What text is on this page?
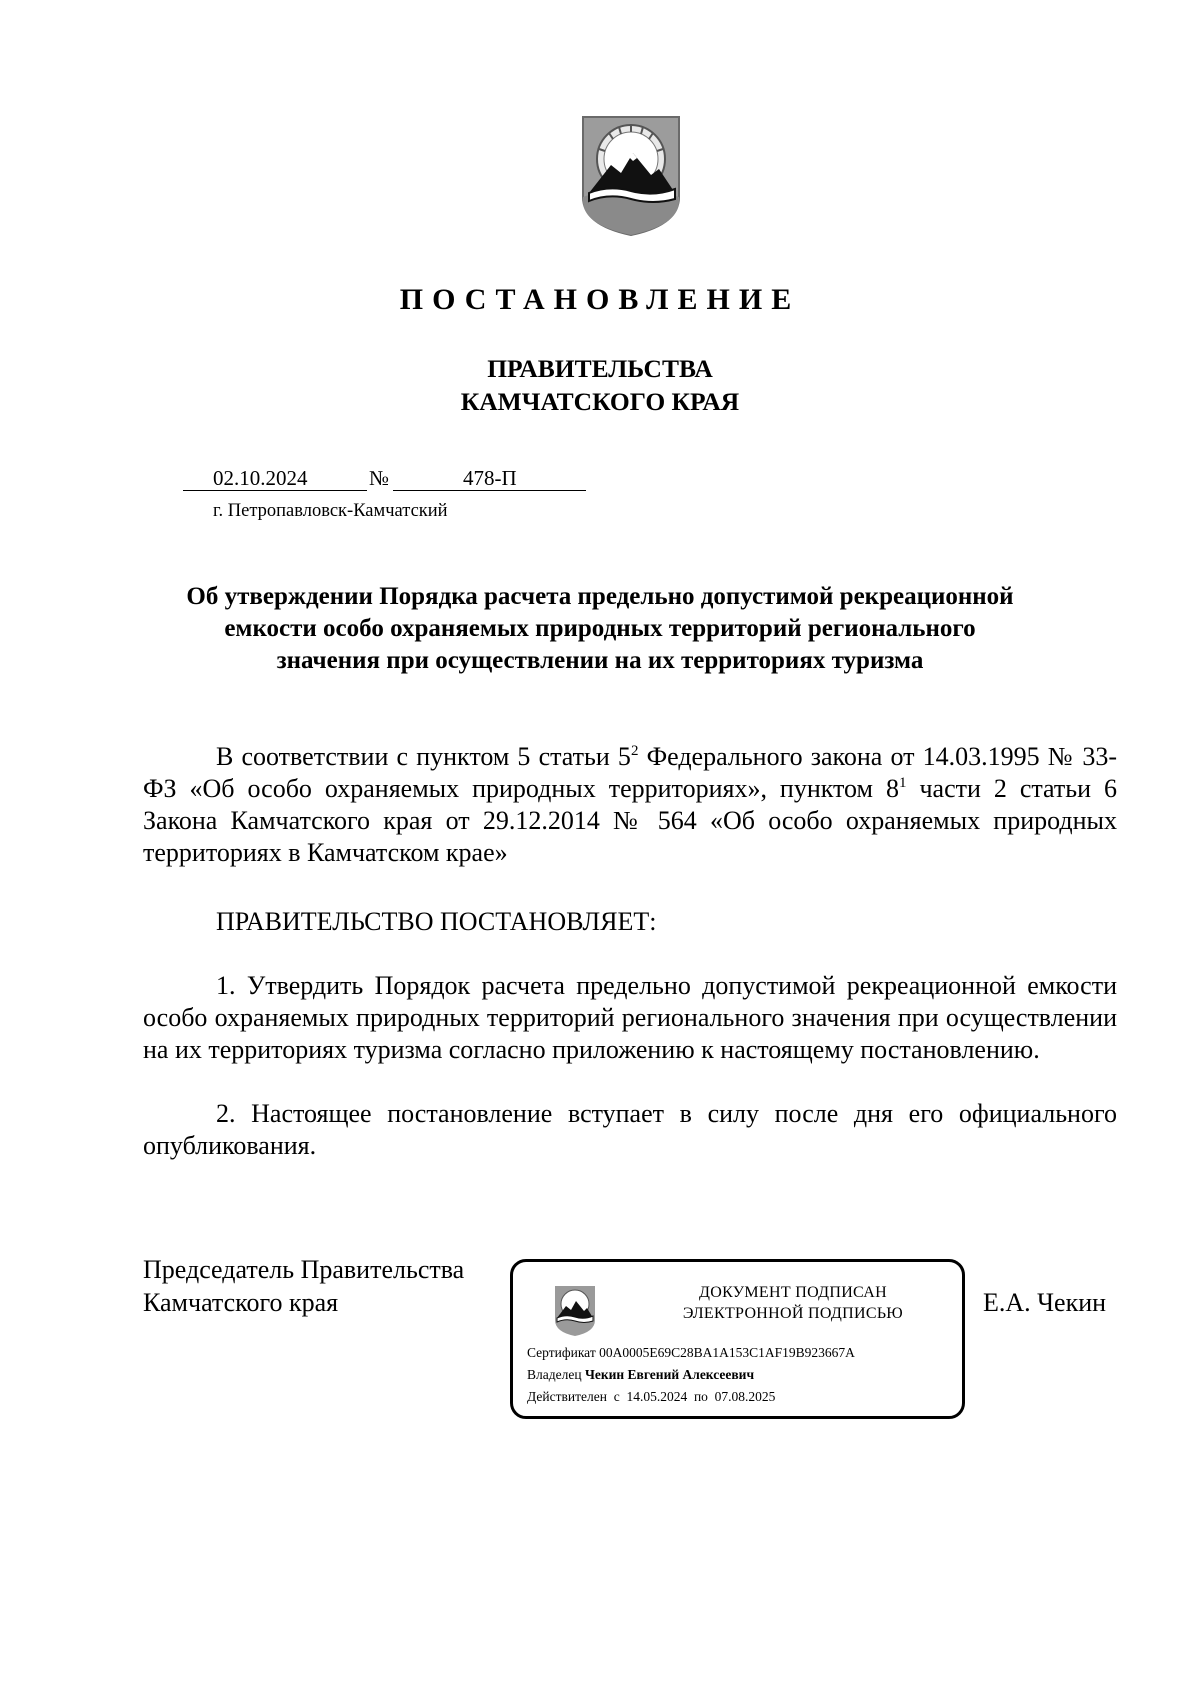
ПОСТАНОВЛЕНИЕ
ПРАВИТЕЛЬСТВА
КАМЧАТСКОГО КРАЯ
02.10.2024	№	478-П
г. Петропавловск-Камчатский
Об утверждении Порядка расчета предельно допустимой рекреационной
емкости особо охраняемых природных территорий регионального
значения при осуществлении на их территориях туризма
В соответствии с пунктом 5 статьи $5^2$ Федерального закона от 14.03.1995 № 33-ФЗ «Об особо охраняемых природных территориях», пунктом $8^1$ части 2 статьи 6 Закона Камчатского края от 29.12.2014 № 564 «Об особо охраняемых природных территориях в Камчатском крае»
ПРАВИТЕЛЬСТВО ПОСТАНОВЛЯЕТ:
1. Утвердить Порядок расчета предельно допустимой рекреационной емкости особо охраняемых природных территорий регионального значения при осуществлении на их территориях туризма согласно приложению к настоящему постановлению.
2. Настоящее постановление вступает в силу после дня его официального опубликования.
Председатель Правительства
Камчатского края	Е.А. Чекин
ДОКУМЕНТ ПОДПИСАН
ЭЛЕКТРОННОЙ ПОДПИСЬЮ
Сертификат 00A0005E69C28BA1A153C1AF19B923667A
Владелец Чекин Евгений Алексеевич
Действителен с 14.05.2024 по 07.08.2025
